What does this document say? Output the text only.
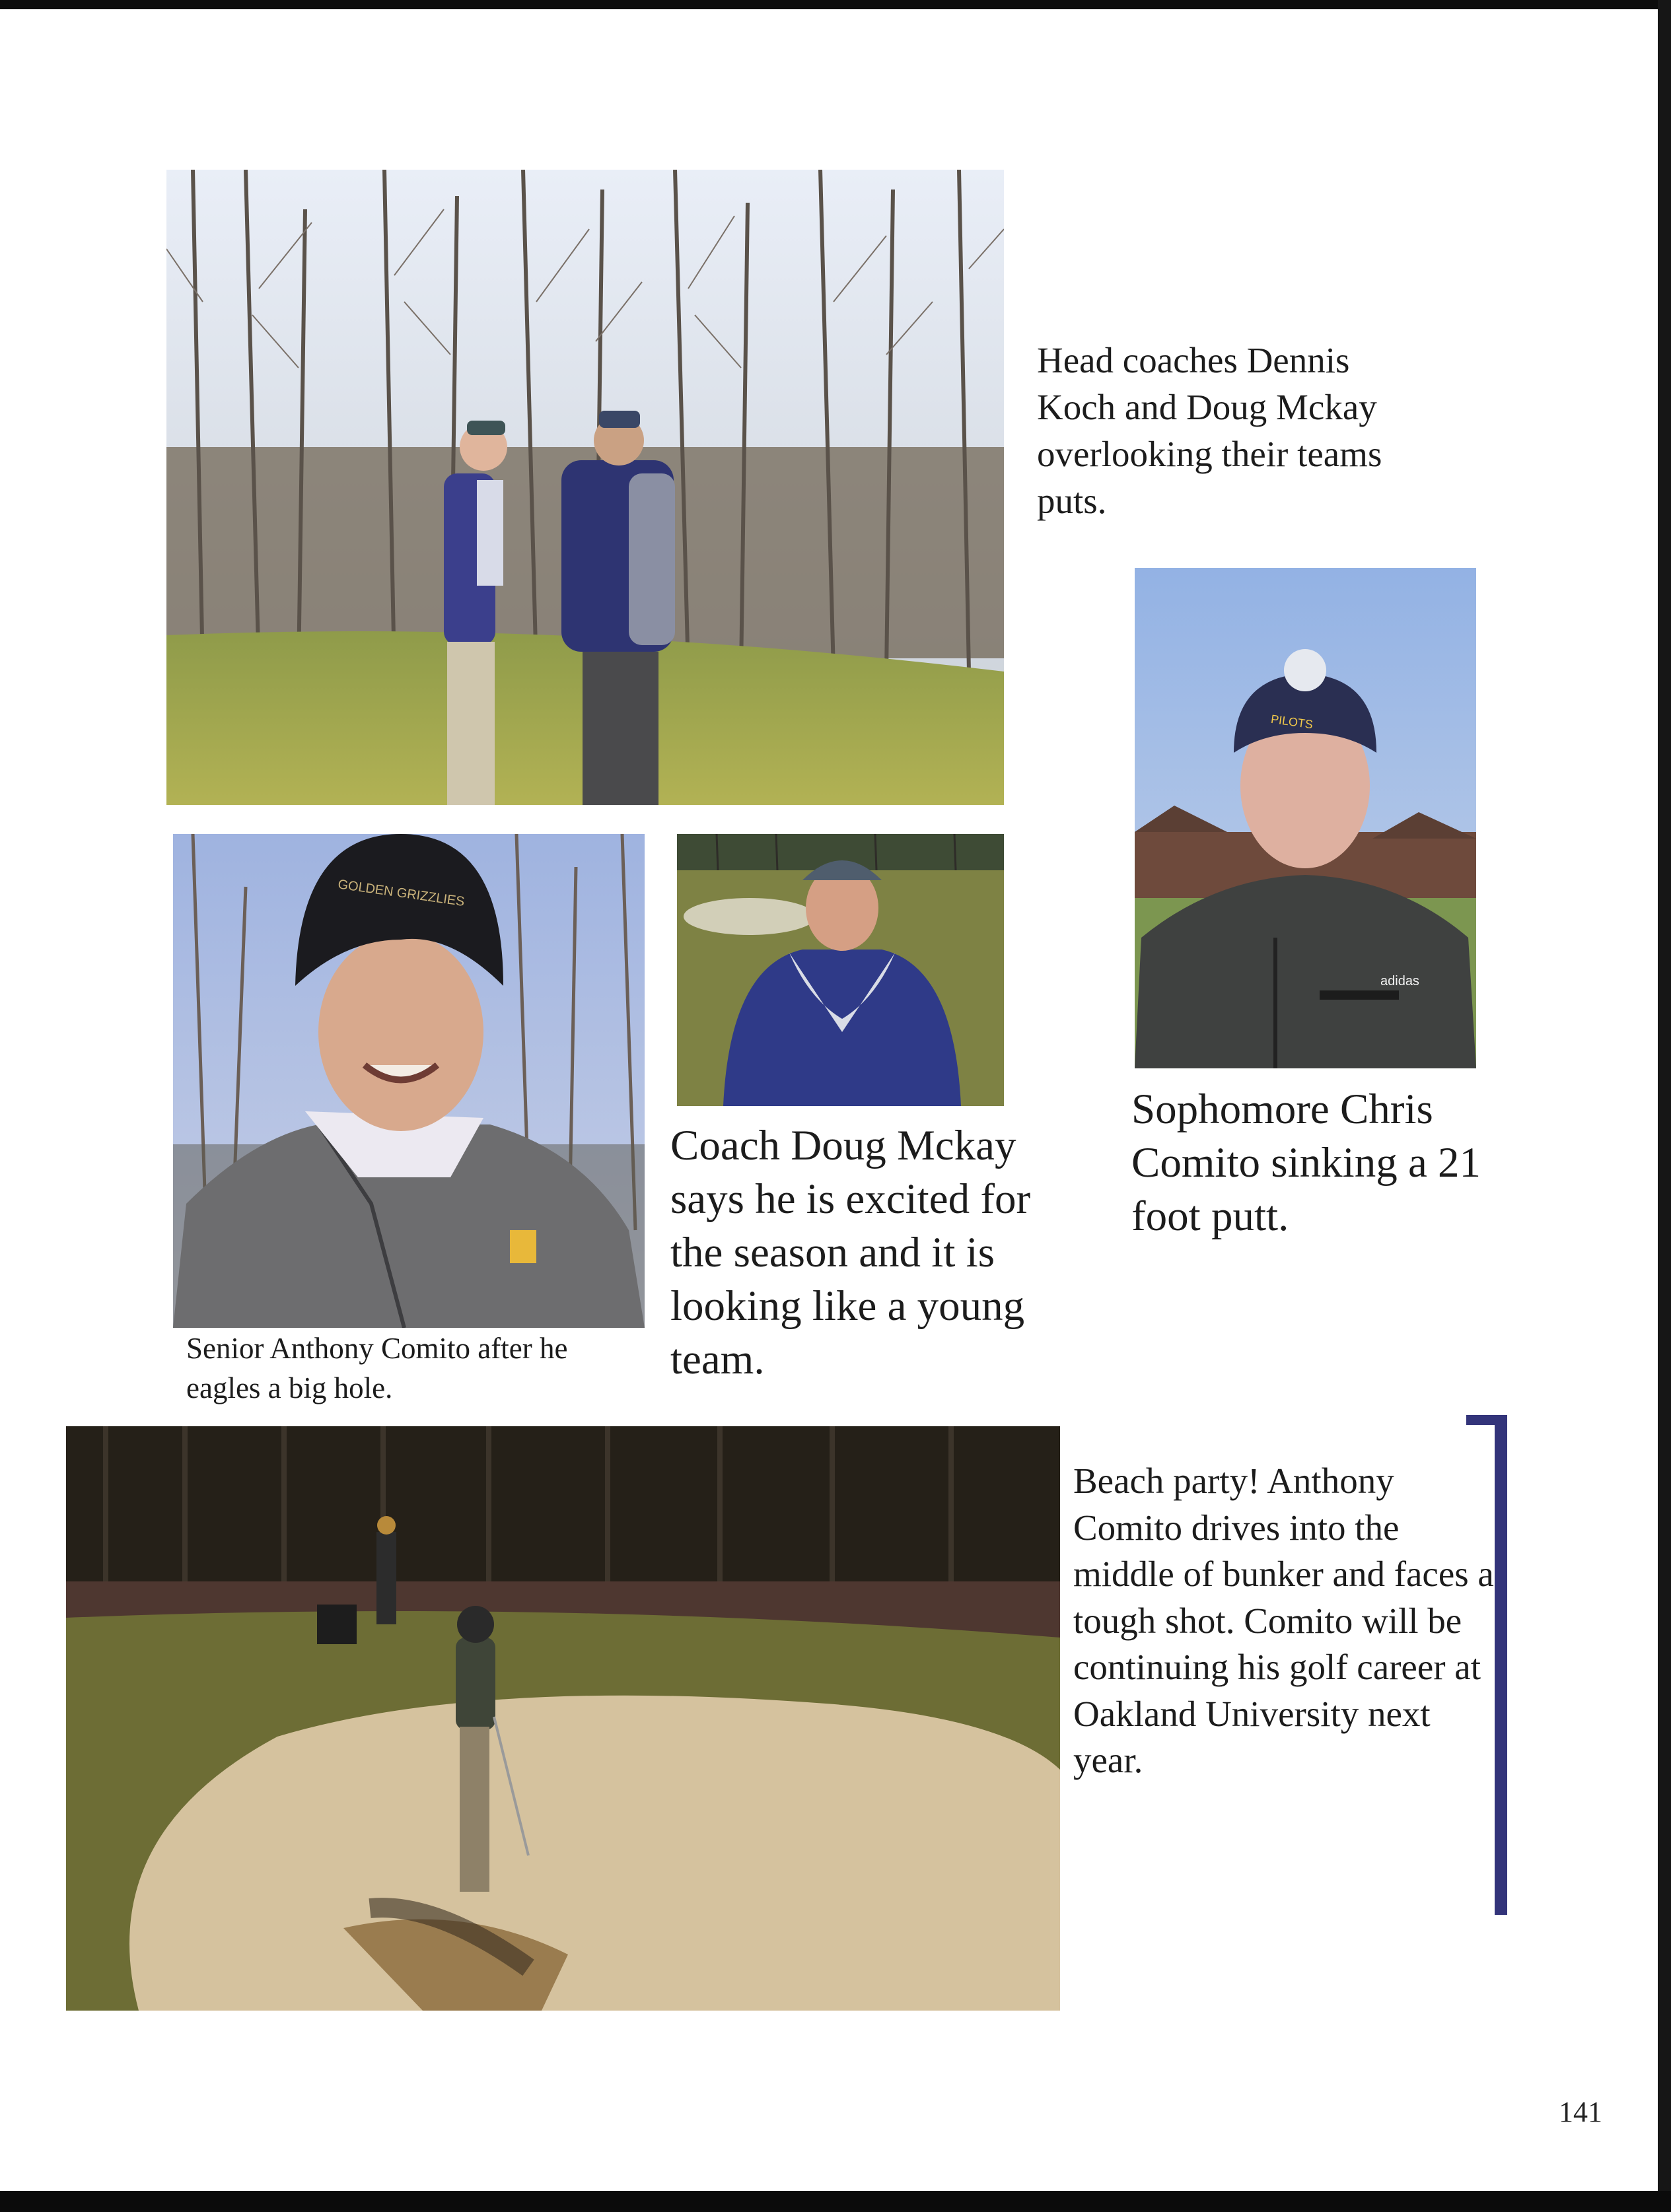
Head coaches Dennis Koch and Doug Mckay overlooking their teams puts.

GOLDEN GRIZZLIES

Senior Anthony Comito after he eagles a big hole.

Coach Doug Mckay says he is excited for the season and it is looking like a young team.

adidas
PILOTS

Sophomore Chris Comito sinking a 21 foot putt.

Beach party! Anthony Comito drives into the middle of bunker and faces a tough shot. Comito will be continuing his golf career at Oakland University next year.

141
